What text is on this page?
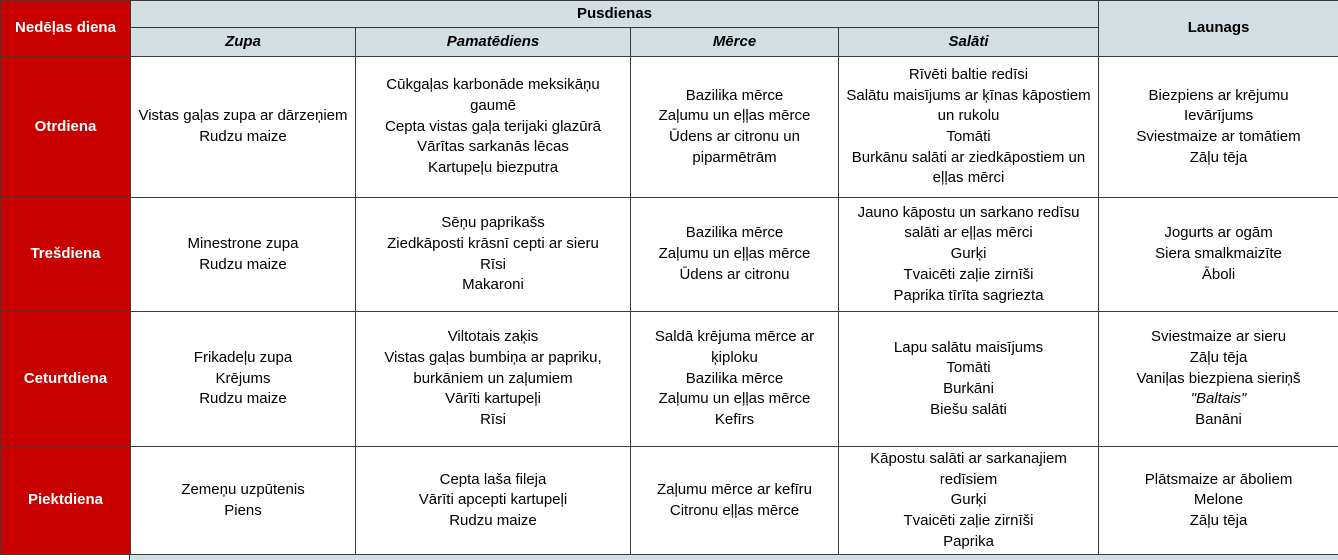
Nedēļas diena	Pusdienas				Launags
	Zupa	Pamatēdiens	Mērce	Salāti	
Otrdiena	
Vistas gaļas zupa ar dārzeņiem
Rudzu maize

Cūkgaļas karbonāde meksikāņu gaumē
Cepta vistas gaļa terijaki glazūrā
Vārītas sarkanās lēcas
Kartupeļu biezputra

Bazilika mērce
Zaļumu un eļļas mērce
Ūdens ar citronu un piparmētrām

Rīvēti baltie redīsi
Salātu maisījums ar ķīnas kāpostiem un rukolu
Tomāti
Burkānu salāti ar ziedkāpostiem un eļļas mērci

Biezpiens ar krējumu
Ievārījums
Sviestmaize ar tomātiem
Zāļu tēja

Trešdiena	
Minestrone zupa
Rudzu maize

Sēņu paprikašs
Ziedkāposti krāsnī cepti ar sieru
Rīsi
Makaroni

Bazilika mērce
Zaļumu un eļļas mērce
Ūdens ar citronu

Jauno kāpostu un sarkano redīsu salāti ar eļļas mērci
Gurķi
Tvaicēti zaļie zirnīši
Paprika tīrīta sagriezta

Jogurts ar ogām
Siera smalkmaizīte
Āboli

Ceturtdiena	
Frikadeļu zupa
Krējums
Rudzu maize

Viltotais zaķis
Vistas gaļas bumbiņa ar papriku, burkāniem un zaļumiem
Vārīti kartupeļi
Rīsi

Saldā krējuma mērce ar ķiploku
Bazilika mērce
Zaļumu un eļļas mērce
Kefīrs

Lapu salātu maisījums
Tomāti
Burkāni
Biešu salāti

Sviestmaize ar sieru
Zāļu tēja
Vaniļas biezpiena sieriņš
"Baltais"
Banāni

Piektdiena	
Zemeņu uzpūtenis
Piens

Cepta laša fileja
Vārīti apcepti kartupeļi
Rudzu maize

Zaļumu mērce ar kefīru
Citronu eļļas mērce

Kāpostu salāti ar sarkanajiem redīsiem
Gurķi
Tvaicēti zaļie zirnīši
Paprika

Plātsmaize ar āboliem
Melone
Zāļu tēja
